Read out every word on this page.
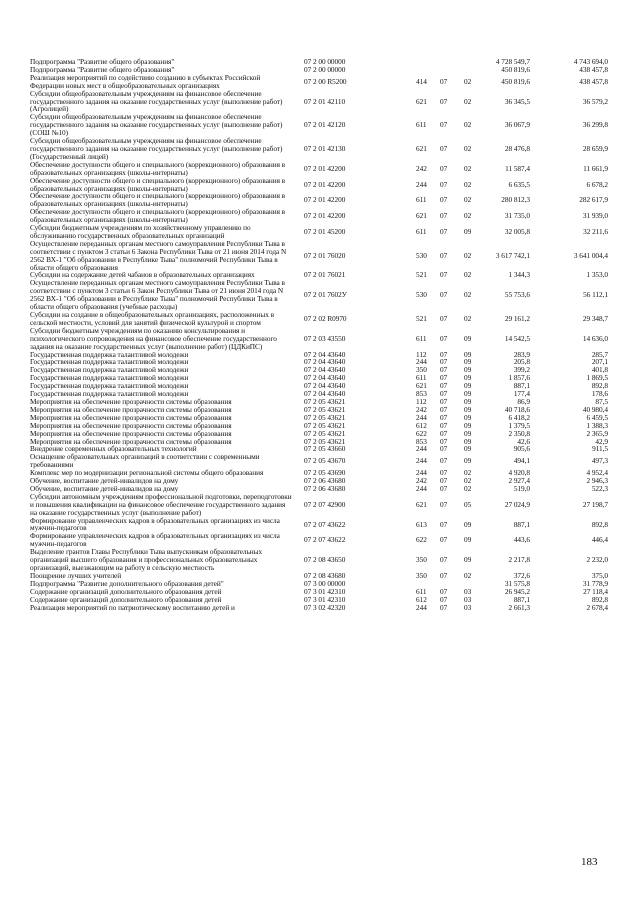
Подпрограмма "Развитие общего образования"	07 2 00 00000	4 728 549,7	4 743 694,0
Подпрограмма "Развитие общего образования"	07 2 00 00000	450 819,6	438 457,8
Реализация мероприятий по содействию созданию в субъектах Российской Федерации новых мест в общеобразовательных организациях	07 2 00 R5200	414 07 02	450 819,6	438 457,8
Субсидии общеобразовательным учреждениям на финансовое обеспечение государственного задания на оказание государственных услуг (выполнение работ) (Агролицей)
07 2 01 42110	621 07 02	36 345,5	36 579,2
Субсидии общеобразовательным учреждениям на финансовое обеспечение государственного задания на оказание государственных услуг (выполнение работ) (СОШ №10)
07 2 01 42120	611 07 02	36 067,9	36 299,8
Субсидии общеобразовательным учреждениям на финансовое обеспечение государственного задания на оказание государственных услуг (выполнение работ) (Государственный лицей)
07 2 01 42130	621 07 02	28 476,8	28 659,9
Обеспечение доступности общего и специального (коррекционного) образования в образовательных организациях (школы-интернаты)	07 2 01 42200	242 07 02	11 587,4	11 661,9
Обеспечение доступности общего и специального (коррекционного) образования в образовательных организациях (школы-интернаты)	07 2 01 42200	244 07 02	6 635,5	6 678,2
Обеспечение доступности общего и специального (коррекционного) образования в образовательных организациях (школы-интернаты)	07 2 01 42200	611 07 02	280 812,3	282 617,9
Обеспечение доступности общего и специального (коррекционного) образования в образовательных организациях (школы-интернаты)	07 2 01 42200	621 07 02	31 735,0	31 939,0
Субсидии бюджетным учреждениям по хозяйственному управлению по обслуживанию государственных образовательных организаций	07 2 01 45200	611 07 09	32 005,8	32 211,6
Осуществление переданных органам местного самоуправления Республики Тыва в соответствии с пунктом 3 статьи 6 Закона Республики Тыва от 21 июня 2014 года N 2562 ВХ-1 "Об образовании в Республике Тыва" полномочий Республики Тыва в области общего образования
07 2 01 76020	530 07 02	3 617 742,1	3 641 004,4
Субсидии на содержание детей чабанов в образовательных организациях	07 2 01 76021	521 07 02	1 344,3	1 353,0
Осуществление переданных органам местного самоуправления Республики Тыва в соответствии с пунктом 3 статьи 6 Закон Республики Тыва от 21 июня 2014 года N 2562 ВХ-1 "Об образовании в Республике Тыва" полномочий Республики Тыва в области общего образования (учебные расходы)
07 2 01 7602У	530 07 02	55 753,6	56 112,1
Субсидии на создание в общеобразовательных организациях, расположенных в сельской местности, условий для занятий физической культурой и спортом	07 2 02 R0970	521 07 02	29 161,2	29 348,7
Субсидии бюджетным учреждениям по оказанию консультирования и психологического сопровождения на финансовое обеспечение государственного задания на оказание государственных услуг (выполнение работ) (ЦДКиПС)
07 2 03 43550	611 07 09	14 542,5	14 636,0
Государственная поддержка талантливой молодежи	07 2 04 43640	112 07 09	283,9	285,7
Государственная поддержка талантливой молодежи	07 2 04 43640	244 07 09	205,8	207,1
Государственная поддержка талантливой молодежи	07 2 04 43640	350 07 09	399,2	401,8
Государственная поддержка талантливой молодежи	07 2 04 43640	611 07 09	1 857,6	1 869,5
Государственная поддержка талантливой молодежи	07 2 04 43640	621 07 09	887,1	892,8
Государственная поддержка талантливой молодежи	07 2 04 43640	853 07 09	177,4	178,6
Мероприятия на обеспечение прозрачности системы образования	07 2 05 43621	112 07 09	86,9	87,5
Мероприятия на обеспечение прозрачности системы образования	07 2 05 43621	242 07 09	40 718,6	40 980,4
Мероприятия на обеспечение прозрачности системы образования	07 2 05 43621	244 07 09	6 418,2	6 459,5
Мероприятия на обеспечение прозрачности системы образования	07 2 05 43621	612 07 09	1 379,5	1 388,3
Мероприятия на обеспечение прозрачности системы образования	07 2 05 43621	622 07 09	2 350,8	2 365,9
Мероприятия на обеспечение прозрачности системы образования	07 2 05 43621	853 07 09	42,6	42,9
Внедрение современных образовательных технологий	07 2 05 43660	244 07 09	905,6	911,5
Оснащение образовательных организаций в соответствии с современными требованиями	07 2 05 43670	244 07 09	494,1	497,3
Комплекс мер по модернизации региональной системы общего образования	07 2 05 43690	244 07 02	4 920,8	4 952,4
Обучение, воспитание детей-инвалидов на дому	07 2 06 43680	242 07 02	2 927,4	2 946,3
Обучение, воспитание детей-инвалидов на дому	07 2 06 43680	244 07 02	519,0	522,3
Субсидии автономным учреждениям профессиональной подготовки, переподготовки и повышения квалификации на финансовое обеспечение государственного задания на оказание государственных услуг (выполнение работ)
07 2 07 42900	621 07 05	27 024,9	27 198,7
Формирование управленческих кадров в образовательных организациях из числа мужчин-педагогов	07 2 07 43622	613 07 09	887,1	892,8
Формирование управленческих кадров в образовательных организациях из числа мужчин-педагогов	07 2 07 43622	622 07 09	443,6	446,4
Выделение грантов Главы Республики Тыва выпускникам образовательных организаций высшего образования и профессиональных образовательных организаций, выезжающим на работу в сельскую местность
07 2 08 43650	350 07 09	2 217,8	2 232,0
Поощрение лучших учителей	07 2 08 43680	350 07 02	372,6	375,0
Подпрограмма "Развитие дополнительного образования детей"	07 3 00 00000	31 575,8	31 778,9
Содержание организаций дополнительного образования детей	07 3 01 42310	611 07 03	26 945,2	27 118,4
Содержание организаций дополнительного образования детей	07 3 01 42310	612 07 03	887,1	892,8
Реализация мероприятий по патриотическому воспитанию детей и	07 3 02 42320	244 07 03	2 661,3	2 678,4
183
